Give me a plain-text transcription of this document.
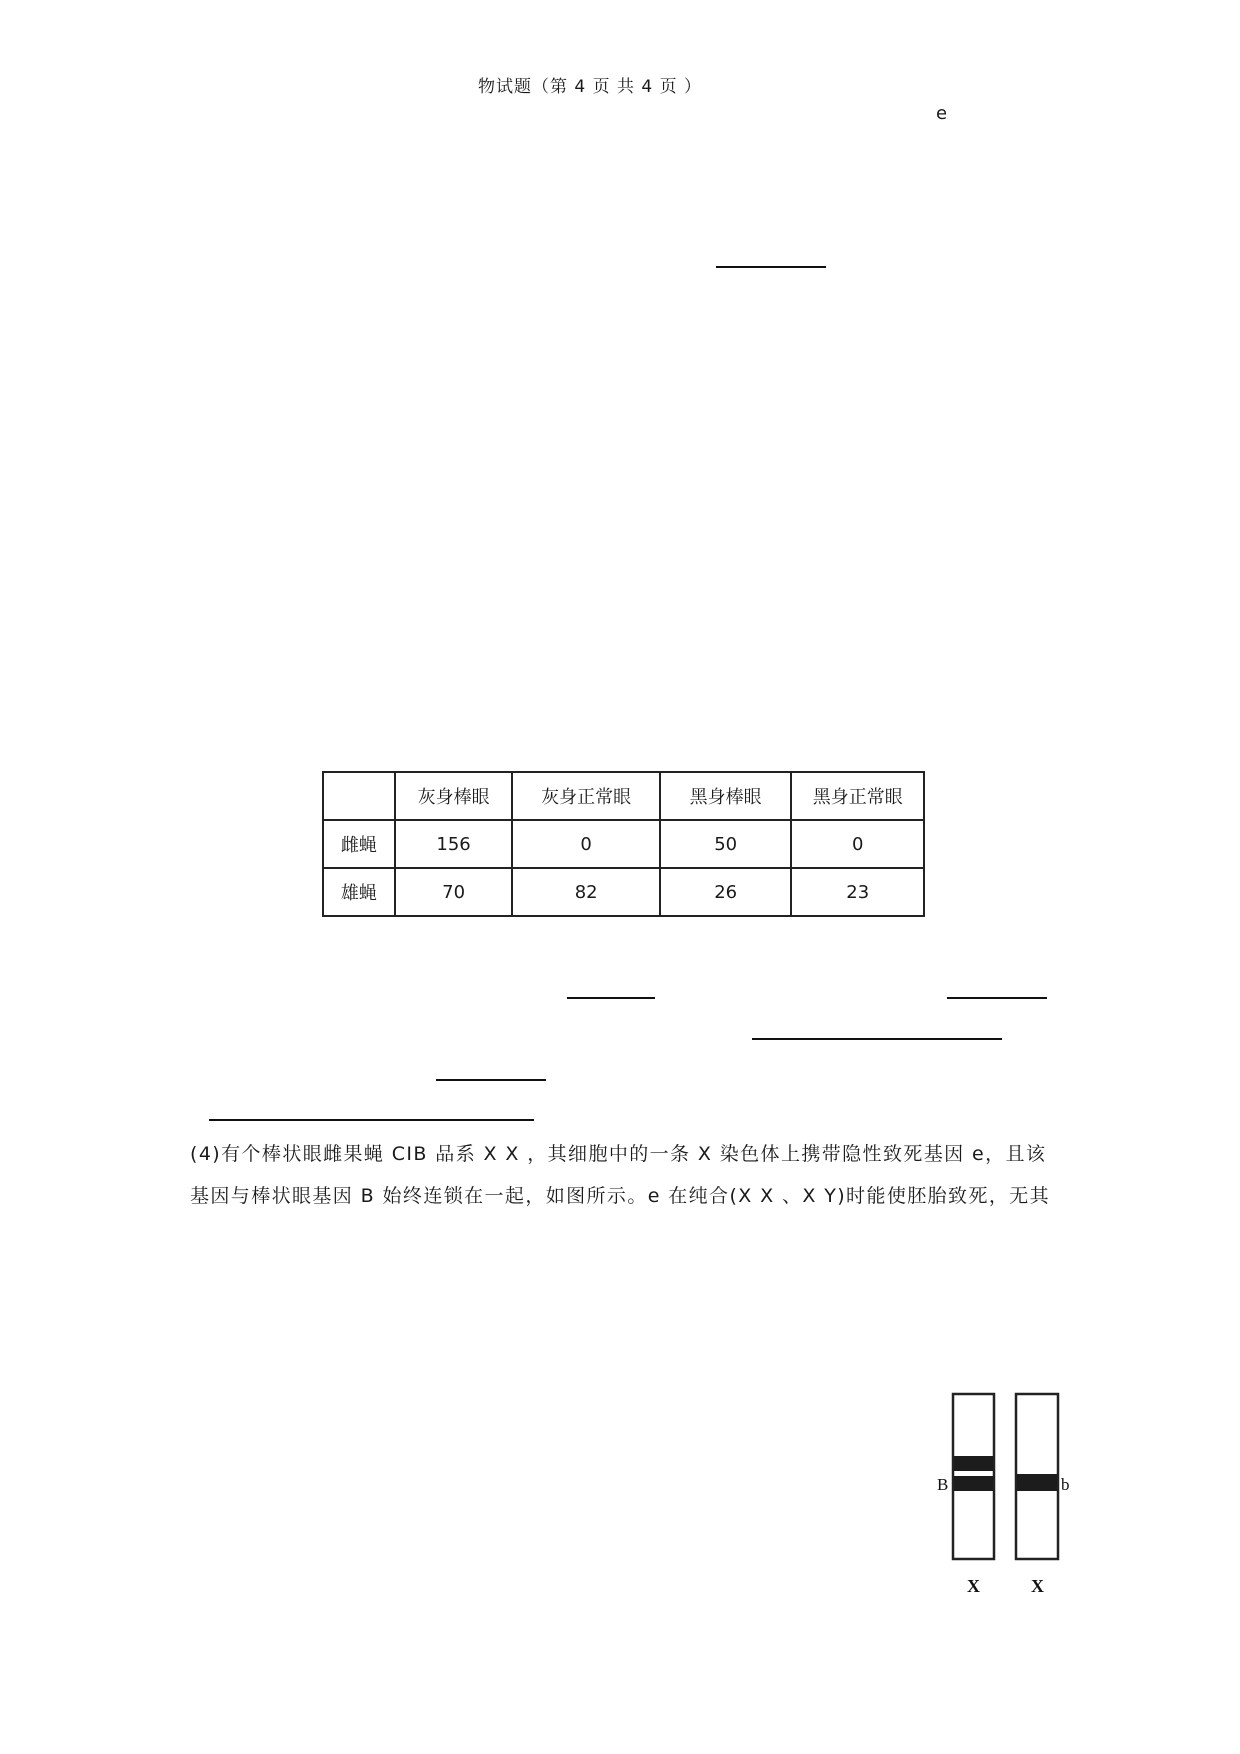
物试题（第 4 页 共 4 页 ）
e
	灰身棒眼	灰身正常眼	黑身棒眼	黑身正常眼
雌蝇	156	0	50	0
雄蝇	70	82	26	23
(4)有个棒状眼雌果蝇 CIB 品系 X X ，其细胞中的一条 X 染色体上携带隐性致死基因 e，且该
基因与棒状眼基因 B 始终连锁在一起，如图所示。e 在纯合(X X 、X Y)时能使胚胎致死，无其
B	b
X	X
